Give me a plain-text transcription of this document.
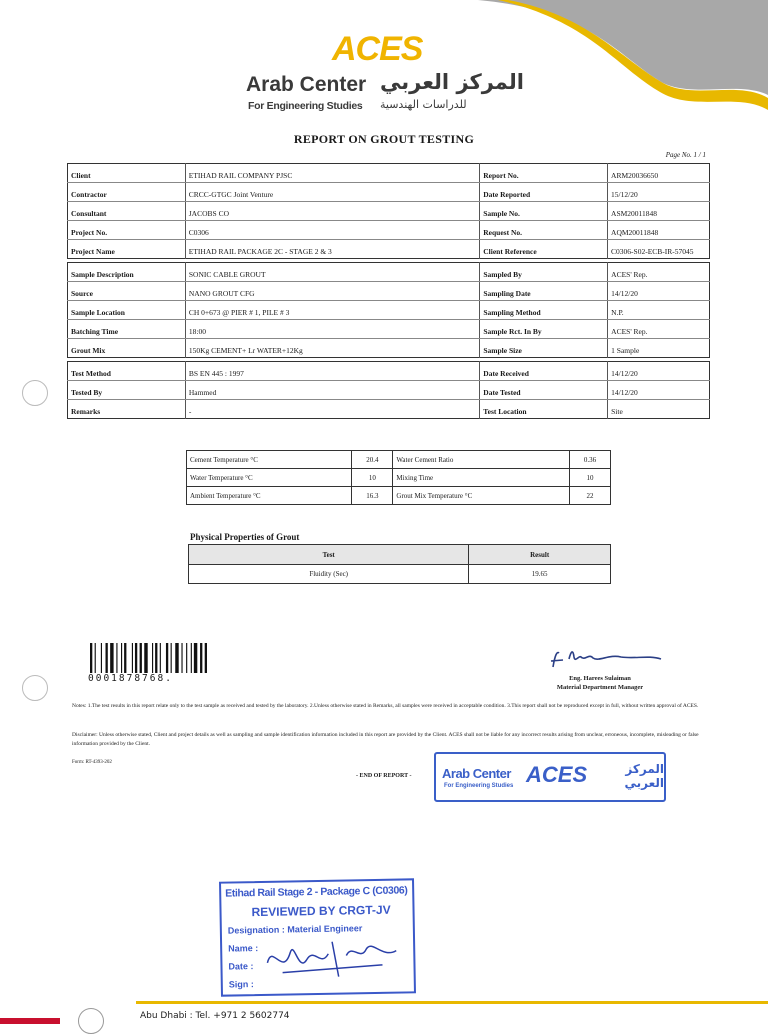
ACES
Arab Center
For Engineering Studies
المركز العربي
للدراسات الهندسية
REPORT ON GROUT TESTING
Page No. 1 / 1
Client	ETIHAD RAIL COMPANY PJSC	Report No.	ARM20036650
Contractor	CRCC-GTGC Joint Venture	Date Reported	15/12/20
Consultant	JACOBS CO	Sample No.	ASM20011848
Project No.	C0306	Request No.	AQM20011848
Project Name	ETIHAD RAIL PACKAGE 2C - STAGE 2 & 3	Client Reference	C0306-S02-ECB-IR-57045
Sample Description	SONIC CABLE GROUT	Sampled By	ACES' Rep.
Source	NANO GROUT CFG	Sampling Date	14/12/20
Sample Location	CH 0+673 @ PIER # 1, PILE # 3	Sampling Method	N.P.
Batching Time	18:00	Sample Rct. In By	ACES' Rep.
Grout Mix	150Kg CEMENT+ Lr WATER+12Kg	Sample Size	1 Sample
Test Method	BS EN 445 : 1997	Date Received	14/12/20
Tested By	Hammed	Date Tested	14/12/20
Remarks	-	Test Location	Site
Cement Temperature °C	20.4	Water Cement Ratio	0.36
Water Temperature °C	10	Mixing Time	10
Ambient Temperature °C	16.3	Grout Mix Temperature °C	22
Physical Properties of Grout
Test	Result
Fluidity (Sec)	19.65
0001878768.	Eng. Harees Sulaiman
Material Department Manager
Notes: 1.The test results in this report relate only to the test sample as received and tested by the laboratory. 2.Unless otherwise stated in Remarks, all samples were received in acceptable condition. 3.This report shall not be reproduced except in full, without written approval of ACES.
Disclaimer: Unless otherwise stated, Client and project details as well as sampling and sample identification information included in this report are provided by the Client. ACES shall not be liable for any incorrect results arising from unclear, erroneous, incomplete, misleading or false information provided by the Client.
Form: RT-4393-202
- END OF REPORT - Arab Center
For Engineering Studies ACES	المركز العربي
Etihad Rail Stage 2 - Package C (C0306)
REVIEWED BY CRGT-JV
Designation : Material Engineer
Name :
Date :
Sign :
Abu Dhabi : Tel. +971 2 5602774
